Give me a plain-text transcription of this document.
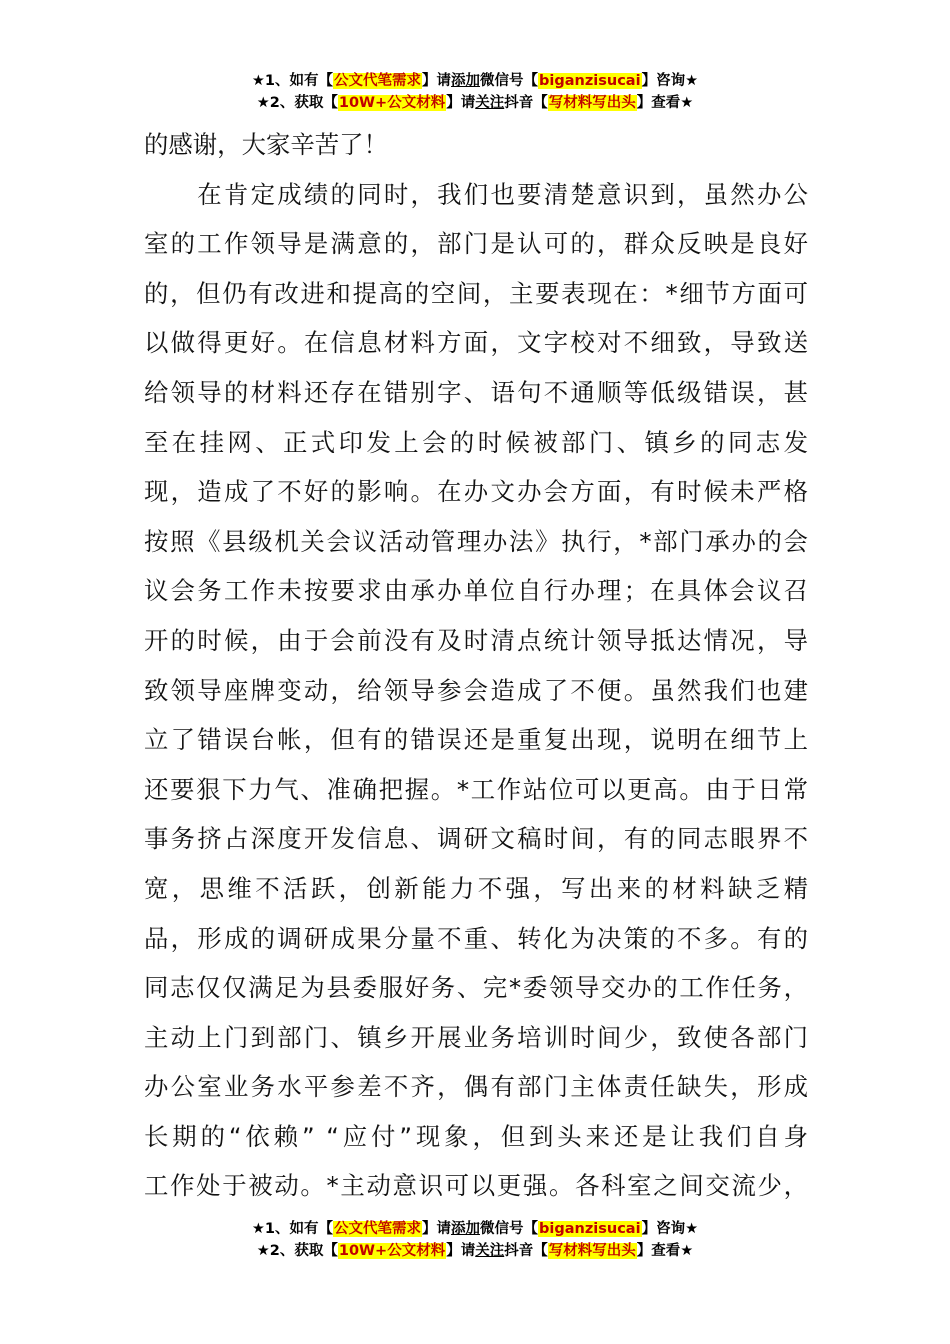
★1、如有【公文代笔需求】请添加微信号【biganzisucai】咨询★
★2、获取【10W+公文材料】请关注抖音【写材料写出头】查看★
的感谢，大家辛苦了！
　　在肯定成绩的同时，我们也要清楚意识到，虽然办公
室的工作领导是满意的，部门是认可的，群众反映是良好
的，但仍有改进和提高的空间，主要表现在：*细节方面可
以做得更好。在信息材料方面，文字校对不细致，导致送
给领导的材料还存在错别字、语句不通顺等低级错误，甚
至在挂网、正式印发上会的时候被部门、镇乡的同志发
现，造成了不好的影响。在办文办会方面，有时候未严格
按照《县级机关会议活动管理办法》执行，*部门承办的会
议会务工作未按要求由承办单位自行办理；在具体会议召
开的时候，由于会前没有及时清点统计领导抵达情况，导
致领导座牌变动，给领导参会造成了不便。虽然我们也建
立了错误台帐，但有的错误还是重复出现，说明在细节上
还要狠下力气、准确把握。*工作站位可以更高。由于日常
事务挤占深度开发信息、调研文稿时间，有的同志眼界不
宽，思维不活跃，创新能力不强，写出来的材料缺乏精
品，形成的调研成果分量不重、转化为决策的不多。有的
同志仅仅满足为县委服好务、完*委领导交办的工作任务，
主动上门到部门、镇乡开展业务培训时间少，致使各部门
办公室业务水平参差不齐，偶有部门主体责任缺失，形成
长期的“依赖” “应付”现象，但到头来还是让我们自身
工作处于被动。*主动意识可以更强。各科室之间交流少，
★1、如有【公文代笔需求】请添加微信号【biganzisucai】咨询★
★2、获取【10W+公文材料】请关注抖音【写材料写出头】查看★
